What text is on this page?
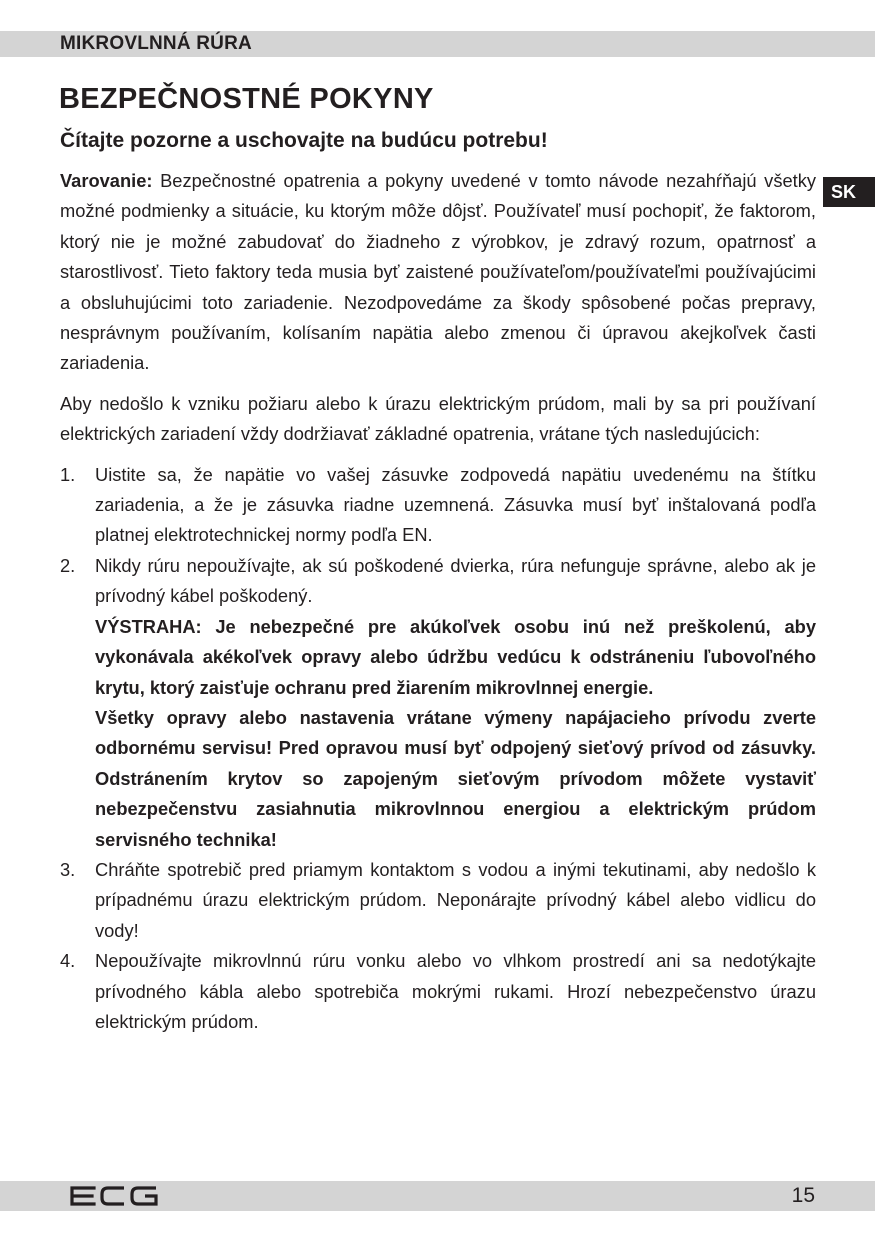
MIKROVLNNÁ RÚRA
BEZPEČNOSTNÉ POKYNY
Čítajte pozorne a uschovajte na budúcu potrebu!
SK

Varovanie: Bezpečnostné opatrenia a pokyny uvedené v tomto návode nezahŕňajú všetky možné podmienky a situácie, ku ktorým môže dôjsť. Používateľ musí pochopiť, že faktorom, ktorý nie je možné zabudovať do žiadneho z výrobkov, je zdravý rozum, opatrnosť a starostlivosť. Tieto faktory teda musia byť zaistené používateľom/používateľmi používajúcimi a obsluhujúcimi toto zariadenie. Nezodpovedáme za škody spôsobené počas prepravy, nesprávnym používaním, kolísaním napätia alebo zmenou či úpravou akejkoľvek časti zariadenia.

Aby nedošlo k vzniku požiaru alebo k úrazu elektrickým prúdom, mali by sa pri používaní elektrických zariadení vždy dodržiavať základné opatrenia, vrátane tých nasledujúcich:

1. Uistite sa, že napätie vo vašej zásuvke zodpovedá napätiu uvedenému na štítku zariadenia, a že je zásuvka riadne uzemnená. Zásuvka musí byť inštalovaná podľa platnej elektrotechnickej normy podľa EN.
2. Nikdy rúru nepoužívajte, ak sú poškodené dvierka, rúra nefunguje správne, alebo ak je prívodný kábel poškodený.
VÝSTRAHA: Je nebezpečné pre akúkoľvek osobu inú než preškolenú, aby vykonávala akékoľvek opravy alebo údržbu vedúcu k odstráneniu ľubovoľného krytu, ktorý zaisťuje ochranu pred žiarením mikrovlnnej energie.
Všetky opravy alebo nastavenia vrátane výmeny napájacieho prívodu zverte odbornému servisu! Pred opravou musí byť odpojený sieťový prívod od zásuvky. Odstránením krytov so zapojeným sieťovým prívodom môžete vystaviť nebezpečenstvu zasiahnutia mikrovlnnou energiou a elektrickým prúdom servisného technika!
3. Chráňte spotrebič pred priamym kontaktom s vodou a inými tekutinami, aby nedošlo k prípadnému úrazu elektrickým prúdom. Neponárajte prívodný kábel alebo vidlicu do vody!
4. Nepoužívajte mikrovlnnú rúru vonku alebo vo vlhkom prostredí ani sa nedotýkajte prívodného kábla alebo spotrebiča mokrými rukami. Hrozí nebezpečenstvo úrazu elektrickým prúdom.
15
